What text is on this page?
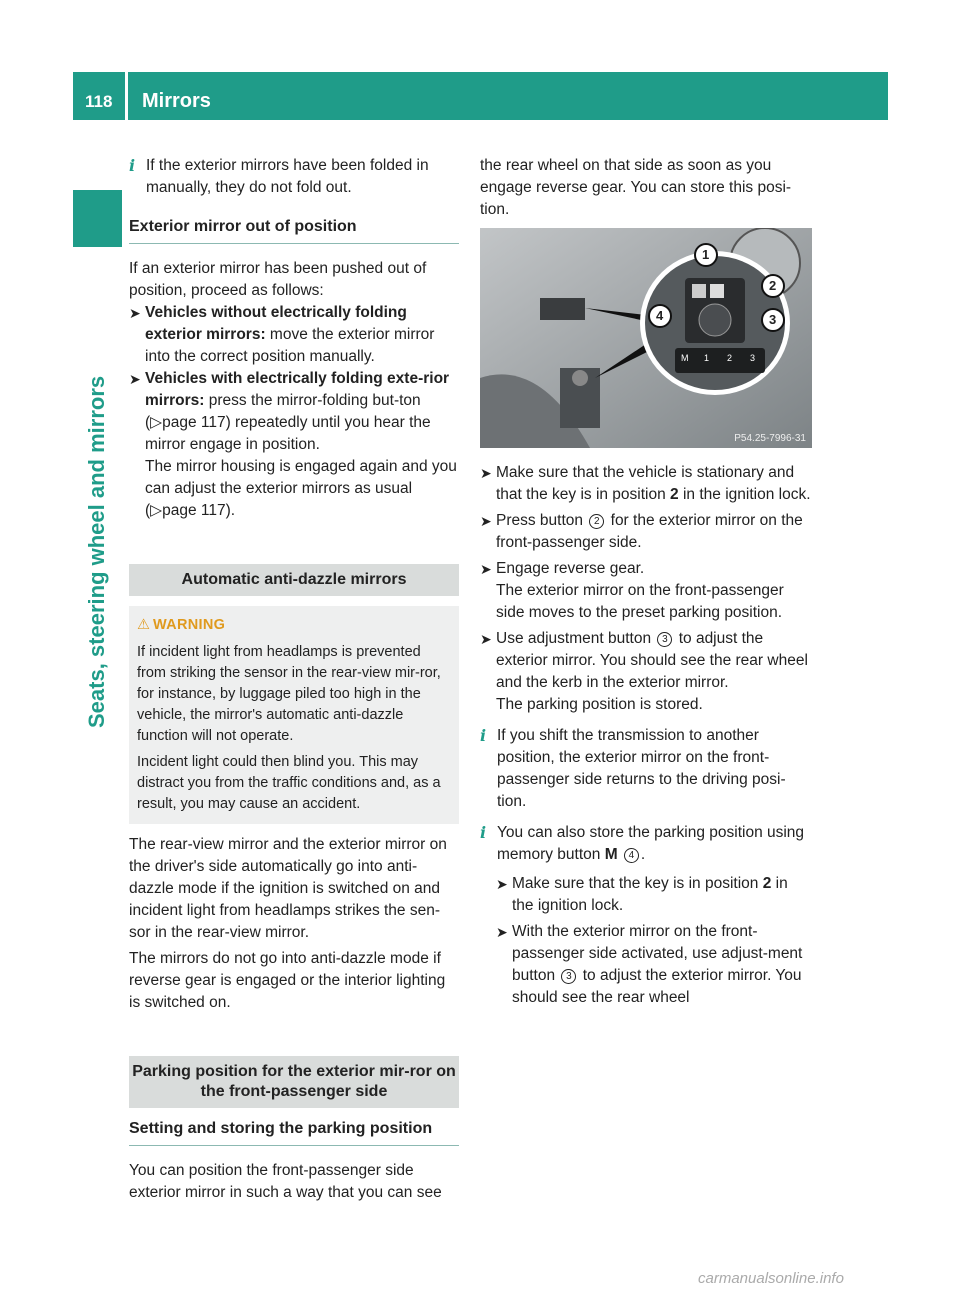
118	Mirrors
Seats, steering wheel and mirrors

i If the exterior mirrors have been folded in manually, they do not fold out.

Exterior mirror out of position

If an exterior mirror has been pushed out of position, proceed as follows:

➤ Vehicles without electrically folding exterior mirrors: move the exterior mirror into the correct position manually.

➤ Vehicles with electrically folding exte-rior mirrors: press the mirror-folding but-ton (▷page 117) repeatedly until you hear the mirror engage in position.
The mirror housing is engaged again and you can adjust the exterior mirrors as usual (▷page 117).

Automatic anti-dazzle mirrors
⚠ WARNING

If incident light from headlamps is prevented from striking the sensor in the rear-view mir-ror, for instance, by luggage piled too high in the vehicle, the mirror's automatic anti-dazzle function will not operate.

Incident light could then blind you. This may distract you from the traffic conditions and, as a result, you may cause an accident.

The rear-view mirror and the exterior mirror on the driver's side automatically go into anti-dazzle mode if the ignition is switched on and incident light from headlamps strikes the sen-sor in the rear-view mirror.

The mirrors do not go into anti-dazzle mode if reverse gear is engaged or the interior lighting is switched on.

Parking position for the exterior mir-ror on the front-passenger side

Setting and storing the parking position

You can position the front-passenger side exterior mirror in such a way that you can see

the rear wheel on that side as soon as you engage reverse gear. You can store this posi-tion.

1
2
3
4
M 1 2 3
P54.25-7996-31

➤ Make sure that the vehicle is stationary and that the key is in position 2 in the ignition lock.

➤ Press button 2 for the exterior mirror on the front-passenger side.

➤ Engage reverse gear.
The exterior mirror on the front-passenger side moves to the preset parking position.

➤ Use adjustment button 3 to adjust the exterior mirror. You should see the rear wheel and the kerb in the exterior mirror.
The parking position is stored.

i If you shift the transmission to another position, the exterior mirror on the front-passenger side returns to the driving posi-tion.

i You can also store the parking position using memory button M 4 .

➤ Make sure that the key is in position 2 in the ignition lock.

➤ With the exterior mirror on the front-passenger side activated, use adjust-ment button 3 to adjust the exterior mirror. You should see the rear wheel

carmanualsonline.info
